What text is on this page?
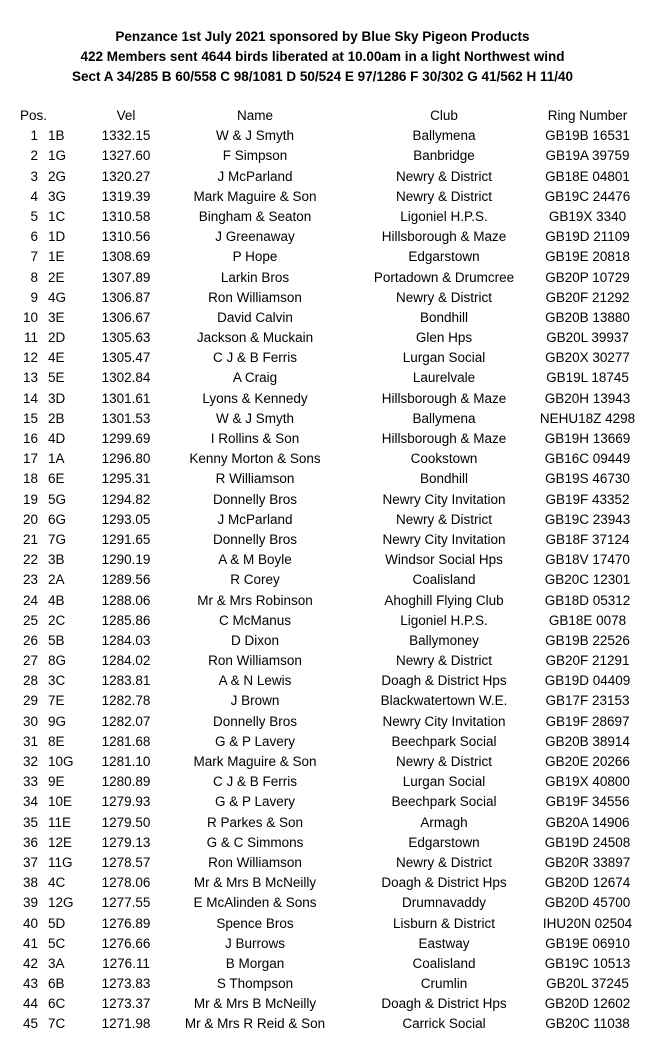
Penzance 1st July 2021 sponsored by Blue Sky Pigeon Products
422 Members sent 4644 birds liberated at 10.00am in a light Northwest wind
Sect A 34/285 B 60/558 C 98/1081 D 50/524 E 97/1286 F 30/302 G 41/562 H 11/40
Pos.	Vel	Name	Club	Ring Number
1 1B	1332.15	W & J Smyth	Ballymena	GB19B 16531
2 1G	1327.60	F Simpson	Banbridge	GB19A 39759
3 2G	1320.27	J McParland	Newry & District	GB18E 04801
4 3G	1319.39	Mark Maguire & Son	Newry & District	GB19C 24476
5 1C	1310.58	Bingham & Seaton	Ligoniel H.P.S.	GB19X 3340
6 1D	1310.56	J Greenaway	Hillsborough & Maze	GB19D 21109
7 1E	1308.69	P Hope	Edgarstown	GB19E 20818
8 2E	1307.89	Larkin Bros	Portadown & Drumcree	GB20P 10729
9 4G	1306.87	Ron Williamson	Newry & District	GB20F 21292
10 3E	1306.67	David Calvin	Bondhill	GB20B 13880
11 2D	1305.63	Jackson & Muckain	Glen Hps	GB20L 39937
12 4E	1305.47	C J & B Ferris	Lurgan Social	GB20X 30277
13 5E	1302.84	A Craig	Laurelvale	GB19L 18745
14 3D	1301.61	Lyons & Kennedy	Hillsborough & Maze	GB20H 13943
15 2B	1301.53	W & J Smyth	Ballymena	NEHU18Z 4298
16 4D	1299.69	I Rollins & Son	Hillsborough & Maze	GB19H 13669
17 1A	1296.80	Kenny Morton & Sons	Cookstown	GB16C 09449
18 6E	1295.31	R Williamson	Bondhill	GB19S 46730
19 5G	1294.82	Donnelly Bros	Newry City Invitation	GB19F 43352
20 6G	1293.05	J McParland	Newry & District	GB19C 23943
21 7G	1291.65	Donnelly Bros	Newry City Invitation	GB18F 37124
22 3B	1290.19	A & M Boyle	Windsor Social Hps	GB18V 17470
23 2A	1289.56	R Corey	Coalisland	GB20C 12301
24 4B	1288.06	Mr & Mrs Robinson	Ahoghill Flying Club	GB18D 05312
25 2C	1285.86	C McManus	Ligoniel H.P.S.	GB18E 0078
26 5B	1284.03	D Dixon	Ballymoney	GB19B 22526
27 8G	1284.02	Ron Williamson	Newry & District	GB20F 21291
28 3C	1283.81	A & N Lewis	Doagh & District Hps	GB19D 04409
29 7E	1282.78	J Brown	Blackwatertown W.E.	GB17F 23153
30 9G	1282.07	Donnelly Bros	Newry City Invitation	GB19F 28697
31 8E	1281.68	G & P Lavery	Beechpark Social	GB20B 38914
32 10G	1281.10	Mark Maguire & Son	Newry & District	GB20E 20266
33 9E	1280.89	C J & B Ferris	Lurgan Social	GB19X 40800
34 10E	1279.93	G & P Lavery	Beechpark Social	GB19F 34556
35 11E	1279.50	R Parkes & Son	Armagh	GB20A 14906
36 12E	1279.13	G & C Simmons	Edgarstown	GB19D 24508
37 11G	1278.57	Ron Williamson	Newry & District	GB20R 33897
38 4C	1278.06	Mr & Mrs B McNeilly	Doagh & District Hps	GB20D 12674
39 12G	1277.55	E McAlinden & Sons	Drumnavaddy	GB20D 45700
40 5D	1276.89	Spence Bros	Lisburn & District	IHU20N 02504
41 5C	1276.66	J Burrows	Eastway	GB19E 06910
42 3A	1276.11	B Morgan	Coalisland	GB19C 10513
43 6B	1273.83	S Thompson	Crumlin	GB20L 37245
44 6C	1273.37	Mr & Mrs B McNeilly	Doagh & District Hps	GB20D 12602
45 7C	1271.98	Mr & Mrs R Reid & Son	Carrick Social	GB20C 11038
